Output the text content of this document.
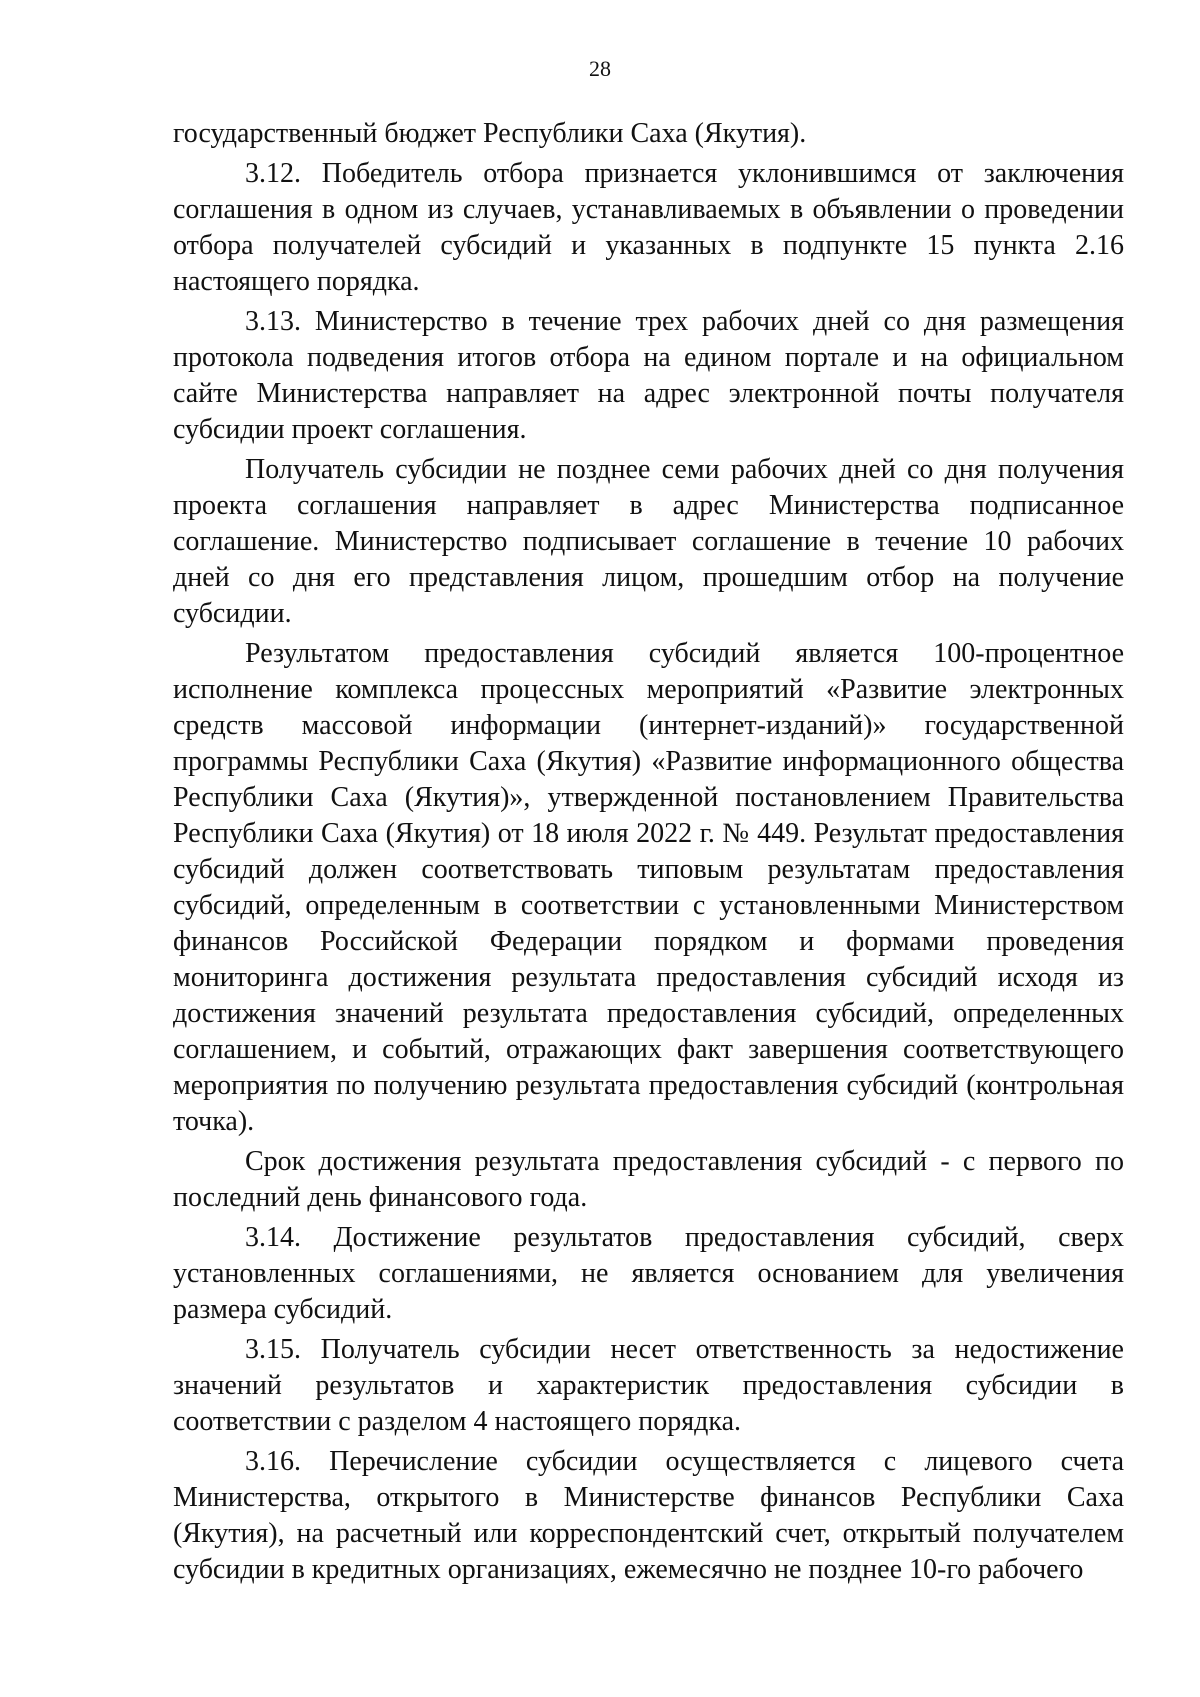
28

государственный бюджет Республики Саха (Якутия).

3.12. Победитель отбора признается уклонившимся от заключения соглашения в одном из случаев, устанавливаемых в объявлении о проведении отбора получателей субсидий и указанных в подпункте 15 пункта 2.16 настоящего порядка.

3.13. Министерство в течение трех рабочих дней со дня размещения протокола подведения итогов отбора на едином портале и на официальном сайте Министерства направляет на адрес электронной почты получателя субсидии проект соглашения.

Получатель субсидии не позднее семи рабочих дней со дня получения проекта соглашения направляет в адрес Министерства подписанное соглашение. Министерство подписывает соглашение в течение 10 рабочих дней со дня его представления лицом, прошедшим отбор на получение субсидии.

Результатом предоставления субсидий является 100-процентное исполнение комплекса процессных мероприятий «Развитие электронных средств массовой информации (интернет-изданий)» государственной программы Республики Саха (Якутия) «Развитие информационного общества Республики Саха (Якутия)», утвержденной постановлением Правительства Республики Саха (Якутия) от 18 июля 2022 г. № 449. Результат предоставления субсидий должен соответствовать типовым результатам предоставления субсидий, определенным в соответствии с установленными Министерством финансов Российской Федерации порядком и формами проведения мониторинга достижения результата предоставления субсидий исходя из достижения значений результата предоставления субсидий, определенных соглашением, и событий, отражающих факт завершения соответствующего мероприятия по получению результата предоставления субсидий (контрольная точка).

Срок достижения результата предоставления субсидий - с первого по последний день финансового года.

3.14. Достижение результатов предоставления субсидий, сверх установленных соглашениями, не является основанием для увеличения размера субсидий.

3.15. Получатель субсидии несет ответственность за недостижение значений результатов и характеристик предоставления субсидии в соответствии с разделом 4 настоящего порядка.

3.16. Перечисление субсидии осуществляется с лицевого счета Министерства, открытого в Министерстве финансов Республики Саха (Якутия), на расчетный или корреспондентский счет, открытый получателем субсидии в кредитных организациях, ежемесячно не позднее 10-го рабочего
